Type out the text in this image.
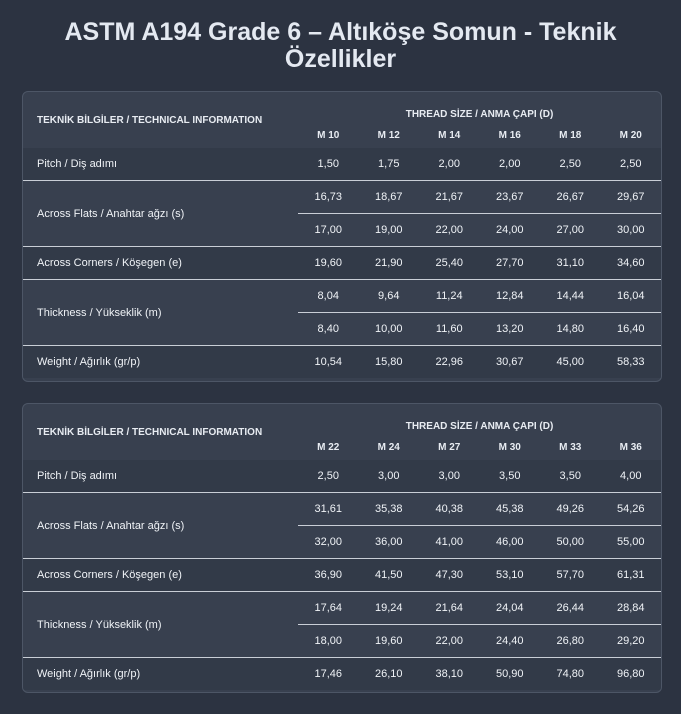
ASTM A194 Grade 6 – Altıköşe Somun - Teknik Özellikler
TEKNİK BİLGİLER / TECHNICAL INFORMATION	THREAD SİZE / ANMA ÇAPI (D)					
	M 10	M 12	M 14	M 16	M 18	M 20
Pitch / Diş adımı	1,50	1,75	2,00	2,00	2,50	2,50
Across Flats / Anahtar ağzı (s)	16,73	18,67	21,67	23,67	26,67	29,67
	17,00	19,00	22,00	24,00	27,00	30,00
Across Corners / Köşegen (e)	19,60	21,90	25,40	27,70	31,10	34,60
Thickness / Yükseklik (m)	8,04	9,64	11,24	12,84	14,44	16,04
	8,40	10,00	11,60	13,20	14,80	16,40
Weight / Ağırlık (gr/p)	10,54	15,80	22,96	30,67	45,00	58,33
TEKNİK BİLGİLER / TECHNICAL INFORMATION	THREAD SİZE / ANMA ÇAPI (D)					
	M 22	M 24	M 27	M 30	M 33	M 36
Pitch / Diş adımı	2,50	3,00	3,00	3,50	3,50	4,00
Across Flats / Anahtar ağzı (s)	31,61	35,38	40,38	45,38	49,26	54,26
	32,00	36,00	41,00	46,00	50,00	55,00
Across Corners / Köşegen (e)	36,90	41,50	47,30	53,10	57,70	61,31
Thickness / Yükseklik (m)	17,64	19,24	21,64	24,04	26,44	28,84
	18,00	19,60	22,00	24,40	26,80	29,20
Weight / Ağırlık (gr/p)	17,46	26,10	38,10	50,90	74,80	96,80
